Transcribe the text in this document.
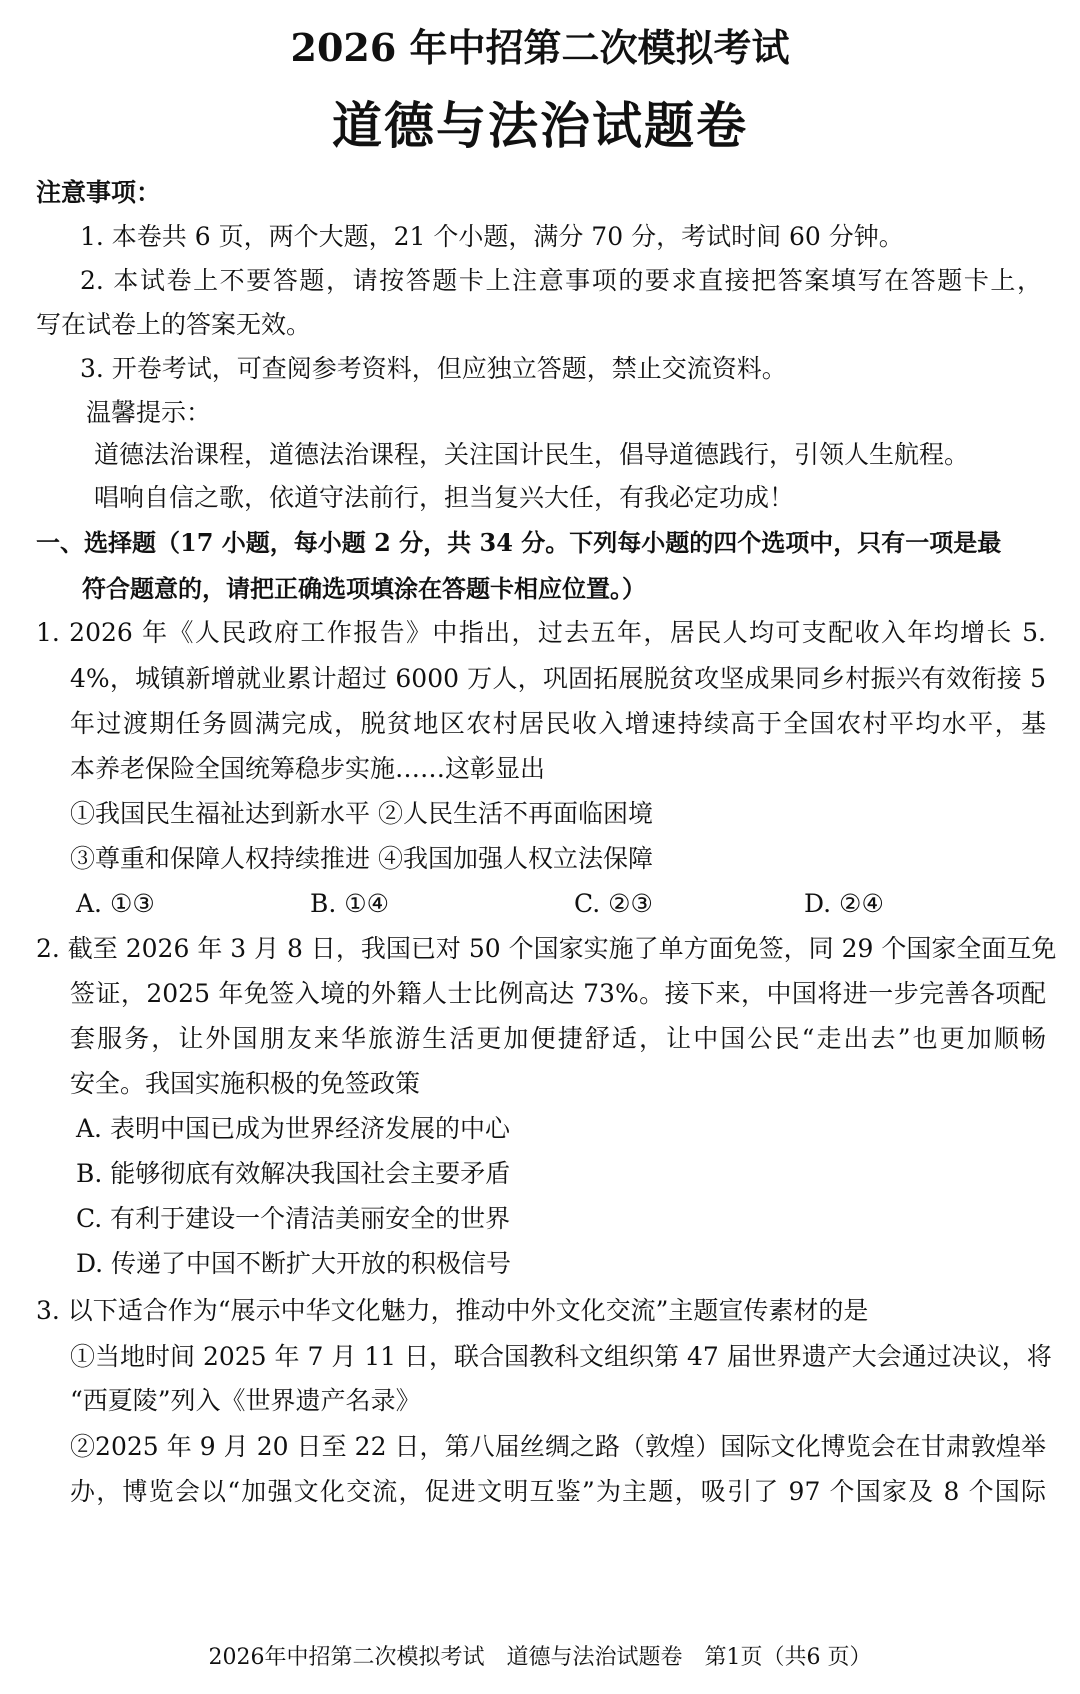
2026 年中招第二次模拟考试
道德与法治试题卷
注意事项：
1. 本卷共 6 页，两个大题，21 个小题，满分 70 分，考试时间 60 分钟。
2. 本试卷上不要答题，请按答题卡上注意事项的要求直接把答案填写在答题卡上，
写在试卷上的答案无效。
3. 开卷考试，可查阅参考资料，但应独立答题，禁止交流资料。
温馨提示：
道德法治课程，道德法治课程，关注国计民生，倡导道德践行，引领人生航程。
唱响自信之歌，依道守法前行，担当复兴大任，有我必定功成！
一、选择题（17 小题，每小题 2 分，共 34 分。下列每小题的四个选项中，只有一项是最
符合题意的，请把正确选项填涂在答题卡相应位置。）
1. 2026 年《人民政府工作报告》中指出，过去五年，居民人均可支配收入年均增长 5.
4%，城镇新增就业累计超过 6000 万人，巩固拓展脱贫攻坚成果同乡村振兴有效衔接 5
年过渡期任务圆满完成，脱贫地区农村居民收入增速持续高于全国农村平均水平，基
本养老保险全国统筹稳步实施……这彰显出
①我国民生福祉达到新水平 ②人民生活不再面临困境
③尊重和保障人权持续推进 ④我国加强人权立法保障
A. ①③	B. ①④	C. ②③	D. ②④
2. 截至 2026 年 3 月 8 日，我国已对 50 个国家实施了单方面免签，同 29 个国家全面互免
签证，2025 年免签入境的外籍人士比例高达 73%。接下来，中国将进一步完善各项配
套服务，让外国朋友来华旅游生活更加便捷舒适，让中国公民“走出去”也更加顺畅
安全。我国实施积极的免签政策
A. 表明中国已成为世界经济发展的中心
B. 能够彻底有效解决我国社会主要矛盾
C. 有利于建设一个清洁美丽安全的世界
D. 传递了中国不断扩大开放的积极信号
3. 以下适合作为“展示中华文化魅力，推动中外文化交流”主题宣传素材的是
①当地时间 2025 年 7 月 11 日，联合国教科文组织第 47 届世界遗产大会通过决议，将
“西夏陵”列入《世界遗产名录》
②2025 年 9 月 20 日至 22 日，第八届丝绸之路（敦煌）国际文化博览会在甘肃敦煌举
办，博览会以“加强文化交流，促进文明互鉴”为主题，吸引了 97 个国家及 8 个国际
2026年中招第二次模拟考试　道德与法治试题卷　第1页（共6 页）
